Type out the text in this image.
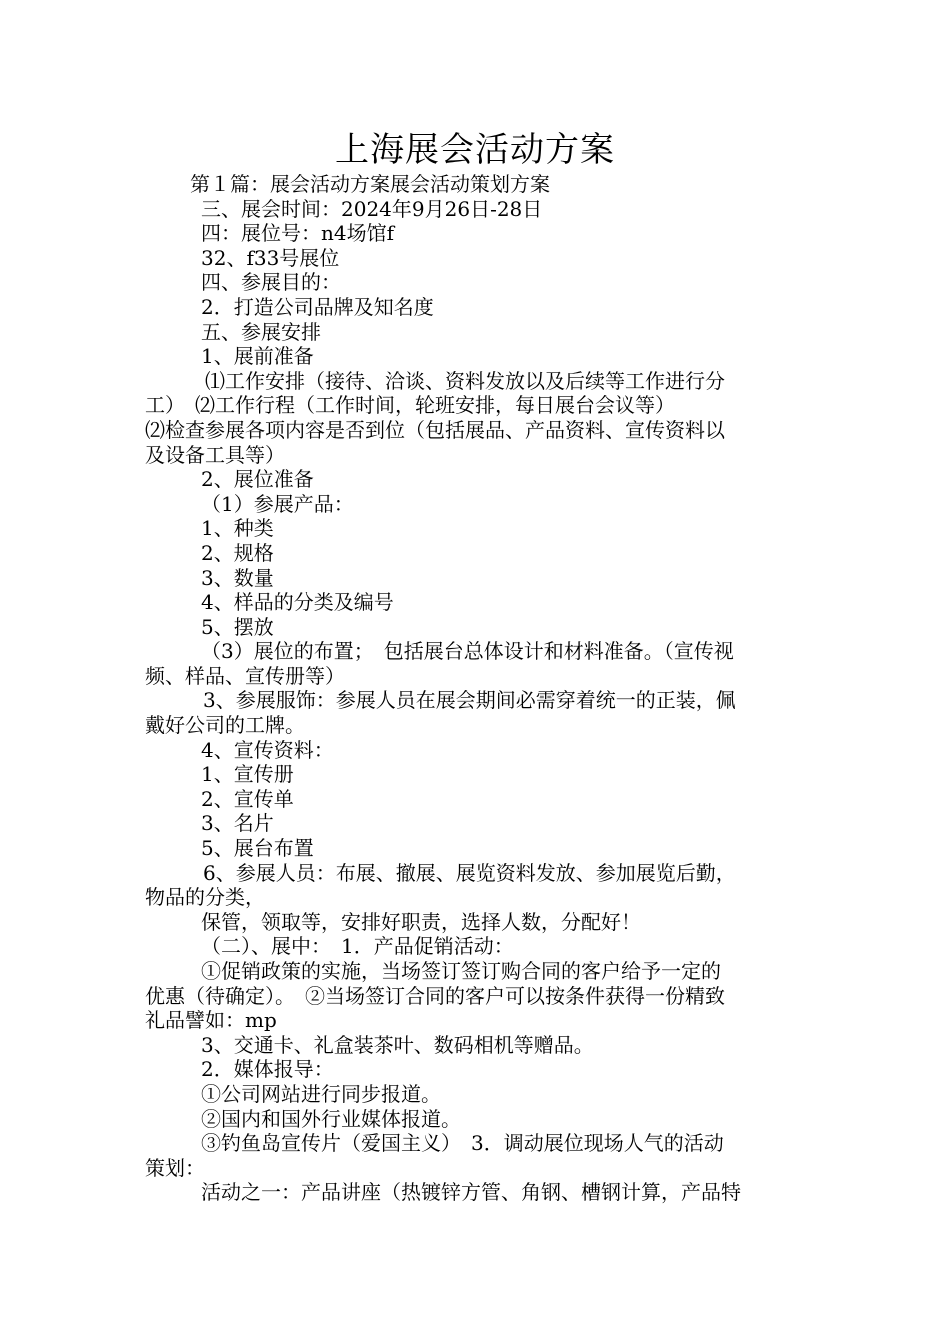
上海展会活动方案

第１篇：展会活动方案展会活动策划方案

三、展会时间：2024年9月26日-28日

四：展位号：n4场馆f

32、f33号展位

四、参展目的：

2．打造公司品牌及知名度

五、参展安排

1、展前准备

⑴工作安排（接待、洽谈、资料发放以及后续等工作进行分

工）　⑵工作行程（工作时间，轮班安排，每日展台会议等）

⑵检查参展各项内容是否到位（包括展品、产品资料、宣传资料以

及设备工具等）

2、展位准备

（1）参展产品：

1、种类

2、规格

3、数量

4、样品的分类及编号

5、摆放

（3）展位的布置；　包括展台总体设计和材料准备。（宣传视

频、样品、宣传册等）

3、参展服饰：参展人员在展会期间必需穿着统一的正装，佩

戴好公司的工牌。

4、宣传资料：

1、宣传册

2、宣传单

3、名片

5、展台布置

6、参展人员：布展、撤展、展览资料发放、参加展览后勤，

物品的分类，

保管，领取等，安排好职责，选择人数，分配好！

（二）、展中：　1．产品促销活动：

①促销政策的实施，当场签订签订购合同的客户给予一定的

优惠（待确定）。　②当场签订合同的客户可以按条件获得一份精致

礼品譬如：mp

3、交通卡、礼盒装茶叶、数码相机等赠品。

2．媒体报导：

①公司网站进行同步报道。

②国内和国外行业媒体报道。

③钓鱼岛宣传片（爱国主义）　3．调动展位现场人气的活动

策划：

活动之一：产品讲座（热镀锌方管、角钢、槽钢计算，产品特
